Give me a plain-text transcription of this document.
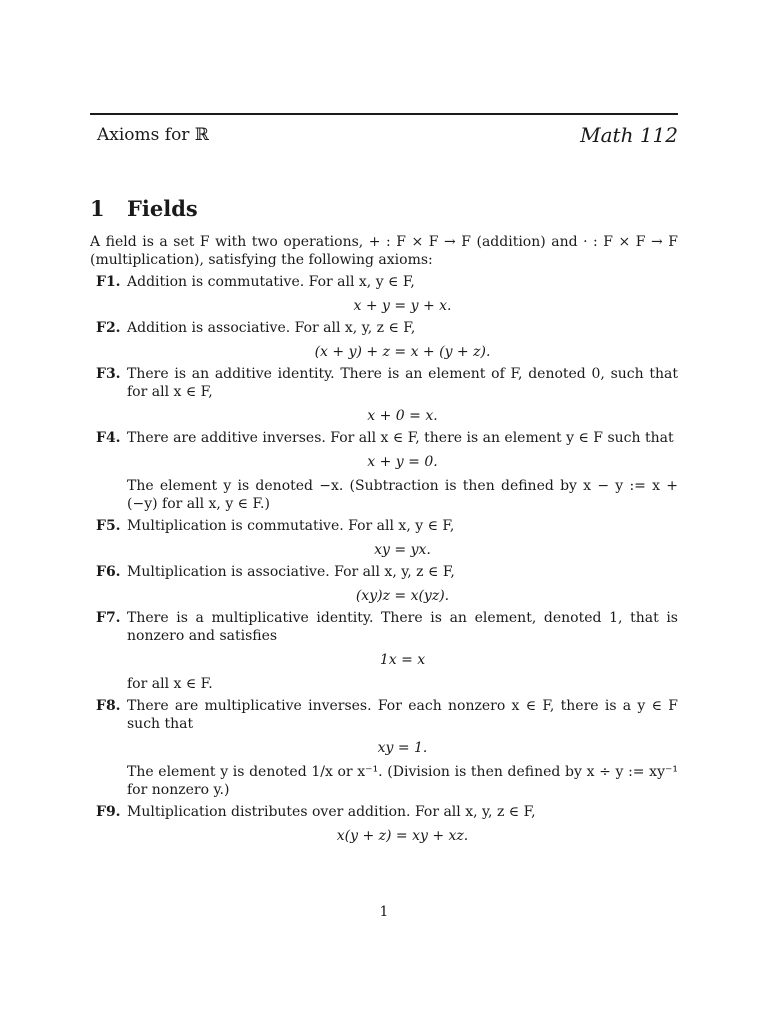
Axioms for ℝ	Math 112
1 Fields

A field is a set F with two operations, + : F × F → F (addition) and · : F × F → F (multiplication), satisfying the following axioms:

F1. Addition is commutative. For all x, y ∈ F,
x + y = y + x.
F2. Addition is associative. For all x, y, z ∈ F,
(x + y) + z = x + (y + z).
F3. There is an additive identity. There is an element of F, denoted 0, such that for all x ∈ F,
x + 0 = x.
F4. There are additive inverses. For all x ∈ F, there is an element y ∈ F such that
x + y = 0.
The element y is denoted −x. (Subtraction is then defined by x − y := x + (−y) for all x, y ∈ F.)
F5. Multiplication is commutative. For all x, y ∈ F,
xy = yx.
F6. Multiplication is associative. For all x, y, z ∈ F,
(xy)z = x(yz).
F7. There is a multiplicative identity. There is an element, denoted 1, that is nonzero and satisfies
1x = x
for all x ∈ F.
F8. There are multiplicative inverses. For each nonzero x ∈ F, there is a y ∈ F such that
xy = 1.
The element y is denoted 1/x or x⁻¹. (Division is then defined by x ÷ y := xy⁻¹ for nonzero y.)
F9. Multiplication distributes over addition. For all x, y, z ∈ F,
x(y + z) = xy + xz.
1
